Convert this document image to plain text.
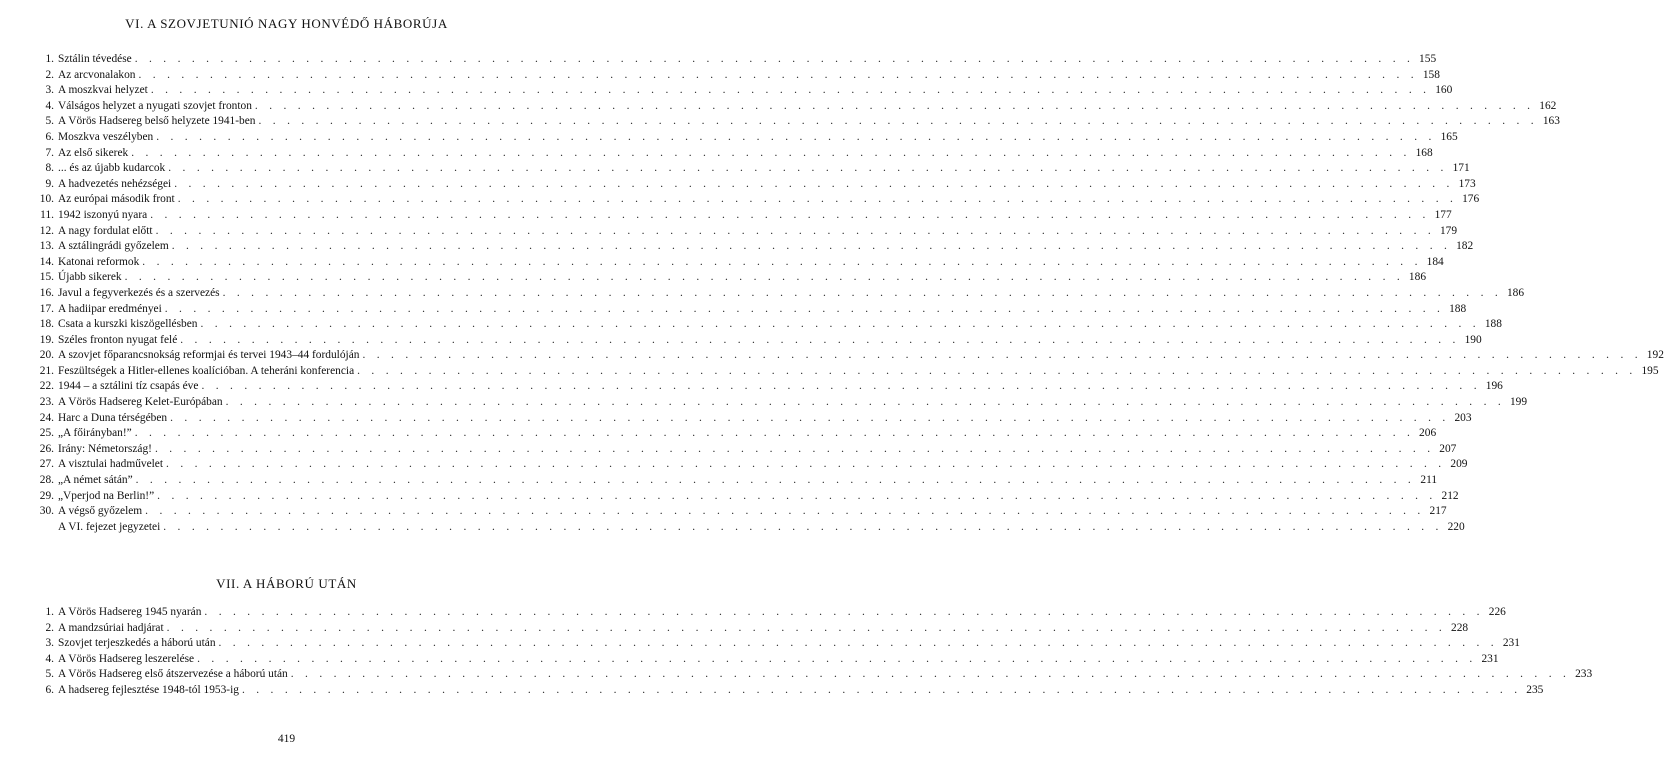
VI. A SZOVJETUNIÓ NAGY HONVÉDŐ HÁBORÚJA
1. Sztálin tévedése . . . . . . . . . . . . . . . . . . . . . . . . . . . . . . . . . . . . . . . . . . . . . . . . . . . . . . . . . . . . . . . . . . . . . . . . . . . . . . . . . . . . . . . . . . 155
2. Az arcvonalakon . . . . . . . . . . . . . . . . . . . . . . . . . . . . . . . . . . . . . . . . . . . . . . . . . . . . . . . . . . . . . . . . . . . . . . . . . . . . . . . . . . . . . . . . . . 158
3. A moszkvai helyzet . . . . . . . . . . . . . . . . . . . . . . . . . . . . . . . . . . . . . . . . . . . . . . . . . . . . . . . . . . . . . . . . . . . . . . . . . . . . . . . . . . . . . . . . . . 160
4. Válságos helyzet a nyugati szovjet fronton . . . . . . . . . . . . . . . . . . . . . . . . . . . . . . . . . . . . . . . . . . . . . . . . . . . . . . . . . . . . . . . . . . . . . . . . . . . . . . . . . . . . . . . . . . 162
5. A Vörös Hadsereg belső helyzete 1941-ben . . . . . . . . . . . . . . . . . . . . . . . . . . . . . . . . . . . . . . . . . . . . . . . . . . . . . . . . . . . . . . . . . . . . . . . . . . . . . . . . . . . . . . . . . . 163
6. Moszkva veszélyben . . . . . . . . . . . . . . . . . . . . . . . . . . . . . . . . . . . . . . . . . . . . . . . . . . . . . . . . . . . . . . . . . . . . . . . . . . . . . . . . . . . . . . . . . . 165
7. Az első sikerek . . . . . . . . . . . . . . . . . . . . . . . . . . . . . . . . . . . . . . . . . . . . . . . . . . . . . . . . . . . . . . . . . . . . . . . . . . . . . . . . . . . . . . . . . . 168
8. ... és az újabb kudarcok . . . . . . . . . . . . . . . . . . . . . . . . . . . . . . . . . . . . . . . . . . . . . . . . . . . . . . . . . . . . . . . . . . . . . . . . . . . . . . . . . . . . . . . . . . 171
9. A hadvezetés nehézségei . . . . . . . . . . . . . . . . . . . . . . . . . . . . . . . . . . . . . . . . . . . . . . . . . . . . . . . . . . . . . . . . . . . . . . . . . . . . . . . . . . . . . . . . . . 173
10. Az európai második front . . . . . . . . . . . . . . . . . . . . . . . . . . . . . . . . . . . . . . . . . . . . . . . . . . . . . . . . . . . . . . . . . . . . . . . . . . . . . . . . . . . . . . . . . . 176
11. 1942 iszonyú nyara . . . . . . . . . . . . . . . . . . . . . . . . . . . . . . . . . . . . . . . . . . . . . . . . . . . . . . . . . . . . . . . . . . . . . . . . . . . . . . . . . . . . . . . . . . 177
12. A nagy fordulat előtt . . . . . . . . . . . . . . . . . . . . . . . . . . . . . . . . . . . . . . . . . . . . . . . . . . . . . . . . . . . . . . . . . . . . . . . . . . . . . . . . . . . . . . . . . . 179
13. A sztálingrádi győzelem . . . . . . . . . . . . . . . . . . . . . . . . . . . . . . . . . . . . . . . . . . . . . . . . . . . . . . . . . . . . . . . . . . . . . . . . . . . . . . . . . . . . . . . . . . 182
14. Katonai reformok . . . . . . . . . . . . . . . . . . . . . . . . . . . . . . . . . . . . . . . . . . . . . . . . . . . . . . . . . . . . . . . . . . . . . . . . . . . . . . . . . . . . . . . . . . 184
15. Újabb sikerek . . . . . . . . . . . . . . . . . . . . . . . . . . . . . . . . . . . . . . . . . . . . . . . . . . . . . . . . . . . . . . . . . . . . . . . . . . . . . . . . . . . . . . . . . . 186
16. Javul a fegyverkezés és a szervezés . . . . . . . . . . . . . . . . . . . . . . . . . . . . . . . . . . . . . . . . . . . . . . . . . . . . . . . . . . . . . . . . . . . . . . . . . . . . . . . . . . . . . . . . . . 186
17. A hadiipar eredményei . . . . . . . . . . . . . . . . . . . . . . . . . . . . . . . . . . . . . . . . . . . . . . . . . . . . . . . . . . . . . . . . . . . . . . . . . . . . . . . . . . . . . . . . . . 188
18. Csata a kurszki kiszögellésben . . . . . . . . . . . . . . . . . . . . . . . . . . . . . . . . . . . . . . . . . . . . . . . . . . . . . . . . . . . . . . . . . . . . . . . . . . . . . . . . . . . . . . . . . . 188
19. Széles fronton nyugat felé . . . . . . . . . . . . . . . . . . . . . . . . . . . . . . . . . . . . . . . . . . . . . . . . . . . . . . . . . . . . . . . . . . . . . . . . . . . . . . . . . . . . . . . . . . 190
20. A szovjet főparancsnokság reformjai és tervei 1943–44 fordulóján . . . . . . . . . . . . . . . . . . . . . . . . . . . . . . . . . . . . . . . . . . . . . . . . . . . . . . . . . . . . . . . . . . . . . . . . . . . . . . . . . . . . . . . . . . 192
21. Feszültségek a Hitler-ellenes koalícióban. A teheráni konferencia . . . . . . . . . . . . . . . . . . . . . . . . . . . . . . . . . . . . . . . . . . . . . . . . . . . . . . . . . . . . . . . . . . . . . . . . . . . . . . . . . . . . . . . . . . 195
22. 1944 – a sztálini tíz csapás éve . . . . . . . . . . . . . . . . . . . . . . . . . . . . . . . . . . . . . . . . . . . . . . . . . . . . . . . . . . . . . . . . . . . . . . . . . . . . . . . . . . . . . . . . . . 196
23. A Vörös Hadsereg Kelet-Európában . . . . . . . . . . . . . . . . . . . . . . . . . . . . . . . . . . . . . . . . . . . . . . . . . . . . . . . . . . . . . . . . . . . . . . . . . . . . . . . . . . . . . . . . . . 199
24. Harc a Duna térségében . . . . . . . . . . . . . . . . . . . . . . . . . . . . . . . . . . . . . . . . . . . . . . . . . . . . . . . . . . . . . . . . . . . . . . . . . . . . . . . . . . . . . . . . . . 203
25. „A főirányban!” . . . . . . . . . . . . . . . . . . . . . . . . . . . . . . . . . . . . . . . . . . . . . . . . . . . . . . . . . . . . . . . . . . . . . . . . . . . . . . . . . . . . . . . . . . 206
26. Irány: Németország! . . . . . . . . . . . . . . . . . . . . . . . . . . . . . . . . . . . . . . . . . . . . . . . . . . . . . . . . . . . . . . . . . . . . . . . . . . . . . . . . . . . . . . . . . . 207
27. A visztulai hadművelet . . . . . . . . . . . . . . . . . . . . . . . . . . . . . . . . . . . . . . . . . . . . . . . . . . . . . . . . . . . . . . . . . . . . . . . . . . . . . . . . . . . . . . . . . . 209
28. „A német sátán” . . . . . . . . . . . . . . . . . . . . . . . . . . . . . . . . . . . . . . . . . . . . . . . . . . . . . . . . . . . . . . . . . . . . . . . . . . . . . . . . . . . . . . . . . . 211
29. „Vperjod na Berlin!” . . . . . . . . . . . . . . . . . . . . . . . . . . . . . . . . . . . . . . . . . . . . . . . . . . . . . . . . . . . . . . . . . . . . . . . . . . . . . . . . . . . . . . . . . . 212
30. A végső győzelem . . . . . . . . . . . . . . . . . . . . . . . . . . . . . . . . . . . . . . . . . . . . . . . . . . . . . . . . . . . . . . . . . . . . . . . . . . . . . . . . . . . . . . . . . . 217
A VI. fejezet jegyzetei . . . . . . . . . . . . . . . . . . . . . . . . . . . . . . . . . . . . . . . . . . . . . . . . . . . . . . . . . . . . . . . . . . . . . . . . . . . . . . . . . . . . . . . . . . 220
VII. A HÁBORÚ UTÁN
1. A Vörös Hadsereg 1945 nyarán . . . . . . . . . . . . . . . . . . . . . . . . . . . . . . . . . . . . . . . . . . . . . . . . . . . . . . . . . . . . . . . . . . . . . . . . . . . . . . . . . . . . . . . . . . 226
2. A mandzsúriai hadjárat . . . . . . . . . . . . . . . . . . . . . . . . . . . . . . . . . . . . . . . . . . . . . . . . . . . . . . . . . . . . . . . . . . . . . . . . . . . . . . . . . . . . . . . . . . 228
3. Szovjet terjeszkedés a háború után . . . . . . . . . . . . . . . . . . . . . . . . . . . . . . . . . . . . . . . . . . . . . . . . . . . . . . . . . . . . . . . . . . . . . . . . . . . . . . . . . . . . . . . . . . 231
4. A Vörös Hadsereg leszerelése . . . . . . . . . . . . . . . . . . . . . . . . . . . . . . . . . . . . . . . . . . . . . . . . . . . . . . . . . . . . . . . . . . . . . . . . . . . . . . . . . . . . . . . . . . 231
5. A Vörös Hadsereg első átszervezése a háború után . . . . . . . . . . . . . . . . . . . . . . . . . . . . . . . . . . . . . . . . . . . . . . . . . . . . . . . . . . . . . . . . . . . . . . . . . . . . . . . . . . . . . . . . . . 233
6. A hadsereg fejlesztése 1948-tól 1953-ig . . . . . . . . . . . . . . . . . . . . . . . . . . . . . . . . . . . . . . . . . . . . . . . . . . . . . . . . . . . . . . . . . . . . . . . . . . . . . . . . . . . . . . . . . . 235
419
